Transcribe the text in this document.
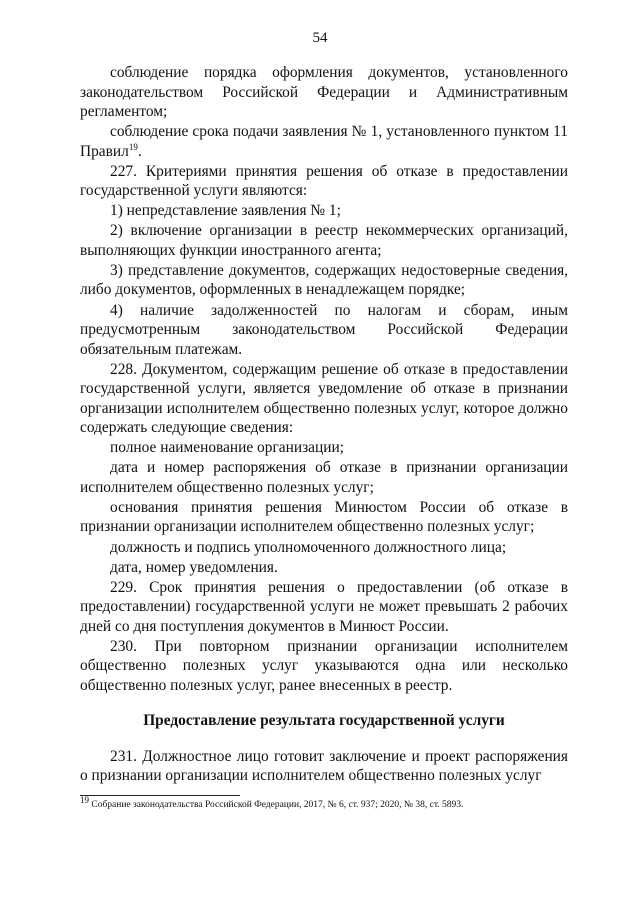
54

соблюдение порядка оформления документов, установленного законодательством Российской Федерации и Административным регламентом;

соблюдение срока подачи заявления № 1, установленного пунктом 11 Правил$^{19}$.

227. Критериями принятия решения об отказе в предоставлении государственной услуги являются:

1) непредставление заявления № 1;

2) включение организации в реестр некоммерческих организаций, выполняющих функции иностранного агента;

3) представление документов, содержащих недостоверные сведения, либо документов, оформленных в ненадлежащем порядке;

4) наличие задолженностей по налогам и сборам, иным предусмотренным законодательством Российской Федерации обязательным платежам.

228. Документом, содержащим решение об отказе в предоставлении государственной услуги, является уведомление об отказе в признании организации исполнителем общественно полезных услуг, которое должно содержать следующие сведения:

полное наименование организации;

дата и номер распоряжения об отказе в признании организации исполнителем общественно полезных услуг;

основания принятия решения Минюстом России об отказе в признании организации исполнителем общественно полезных услуг;

должность и подпись уполномоченного должностного лица;

дата, номер уведомления.

229. Срок принятия решения о предоставлении (об отказе в предоставлении) государственной услуги не может превышать 2 рабочих дней со дня поступления документов в Минюст России.

230. При повторном признании организации исполнителем общественно полезных услуг указываются одна или несколько общественно полезных услуг, ранее внесенных в реестр.

Предоставление результата государственной услуги

231. Должностное лицо готовит заключение и проект распоряжения о признании организации исполнителем общественно полезных услуг

$^{19}$ Собрание законодательства Российской Федерации, 2017, № 6, ст. 937; 2020, № 38, ст. 5893.
